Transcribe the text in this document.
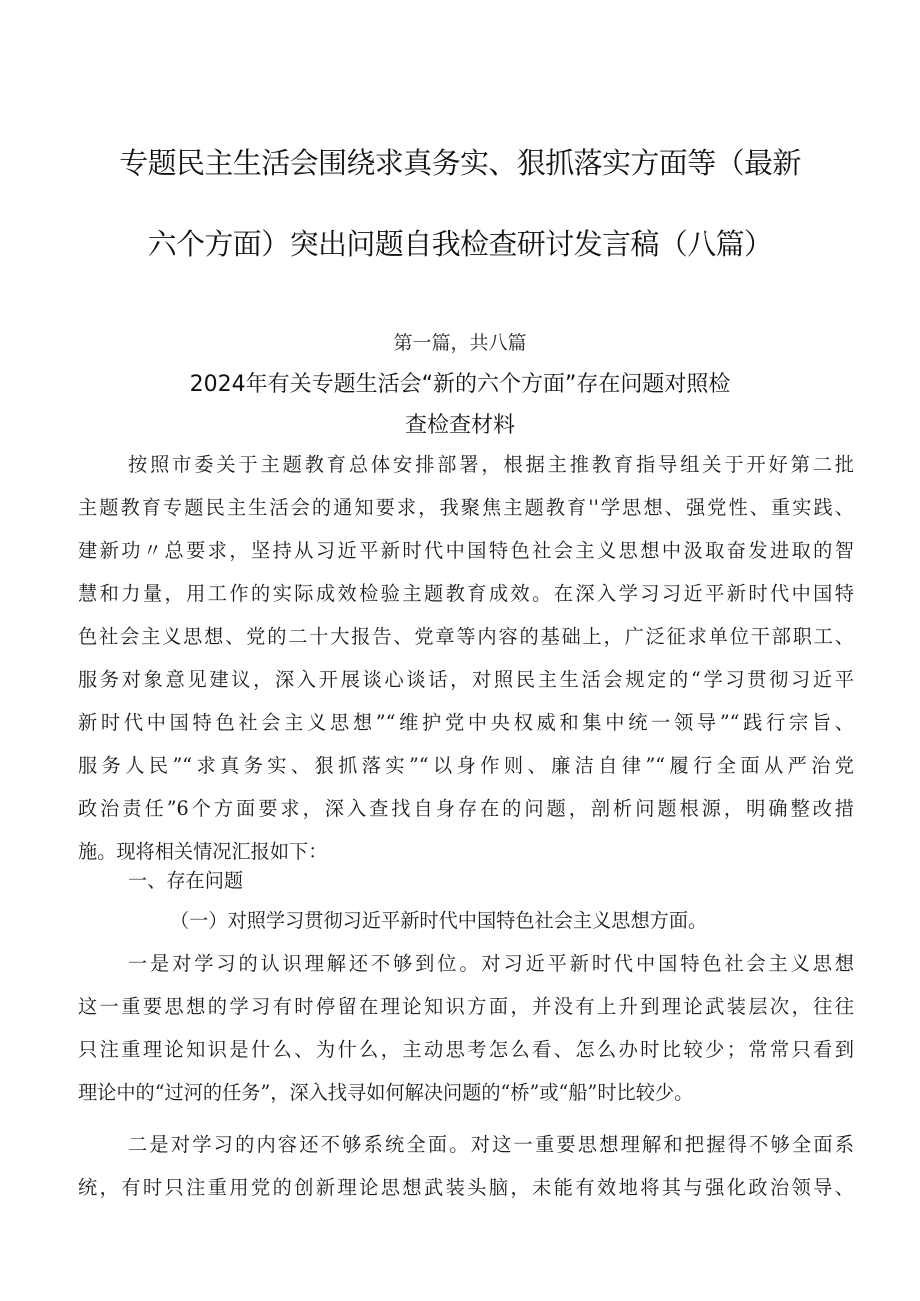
专题民主生活会围绕求真务实、狠抓落实方面等（最新
六个方面）突出问题自我检查研讨发言稿（八篇）
第一篇，共八篇
2024年有关专题生活会“新的六个方面”存在问题对照检
查检查材料
按照市委关于主题教育总体安排部署，根据主推教育指导组关于开好第二批
主题教育专题民主生活会的通知要求，我聚焦主题教育''学思想、强党性、重实践、
建新功〃总要求，坚持从习近平新时代中国特色社会主义思想中汲取奋发进取的智
慧和力量，用工作的实际成效检验主题教育成效。在深入学习习近平新时代中国特
色社会主义思想、党的二十大报告、党章等内容的基础上，广泛征求单位干部职工、
服务对象意见建议，深入开展谈心谈话，对照民主生活会规定的“学习贯彻习近平
新时代中国特色社会主义思想”“维护党中央权威和集中统一领导”“践行宗旨、
服务人民”“求真务实、狠抓落实”“以身作则、廉洁自律”“履行全面从严治党
政治责任”6个方面要求，深入查找自身存在的问题，剖析问题根源，明确整改措
施。现将相关情况汇报如下：
一、存在问题
（一）对照学习贯彻习近平新时代中国特色社会主义思想方面。
一是对学习的认识理解还不够到位。对习近平新时代中国特色社会主义思想
这一重要思想的学习有时停留在理论知识方面，并没有上升到理论武装层次，往往
只注重理论知识是什么、为什么，主动思考怎么看、怎么办时比较少；常常只看到
理论中的“过河的任务”，深入找寻如何解决问题的“桥”或“船”时比较少。
二是对学习的内容还不够系统全面。对这一重要思想理解和把握得不够全面系
统，有时只注重用党的创新理论思想武装头脑，未能有效地将其与强化政治领导、
